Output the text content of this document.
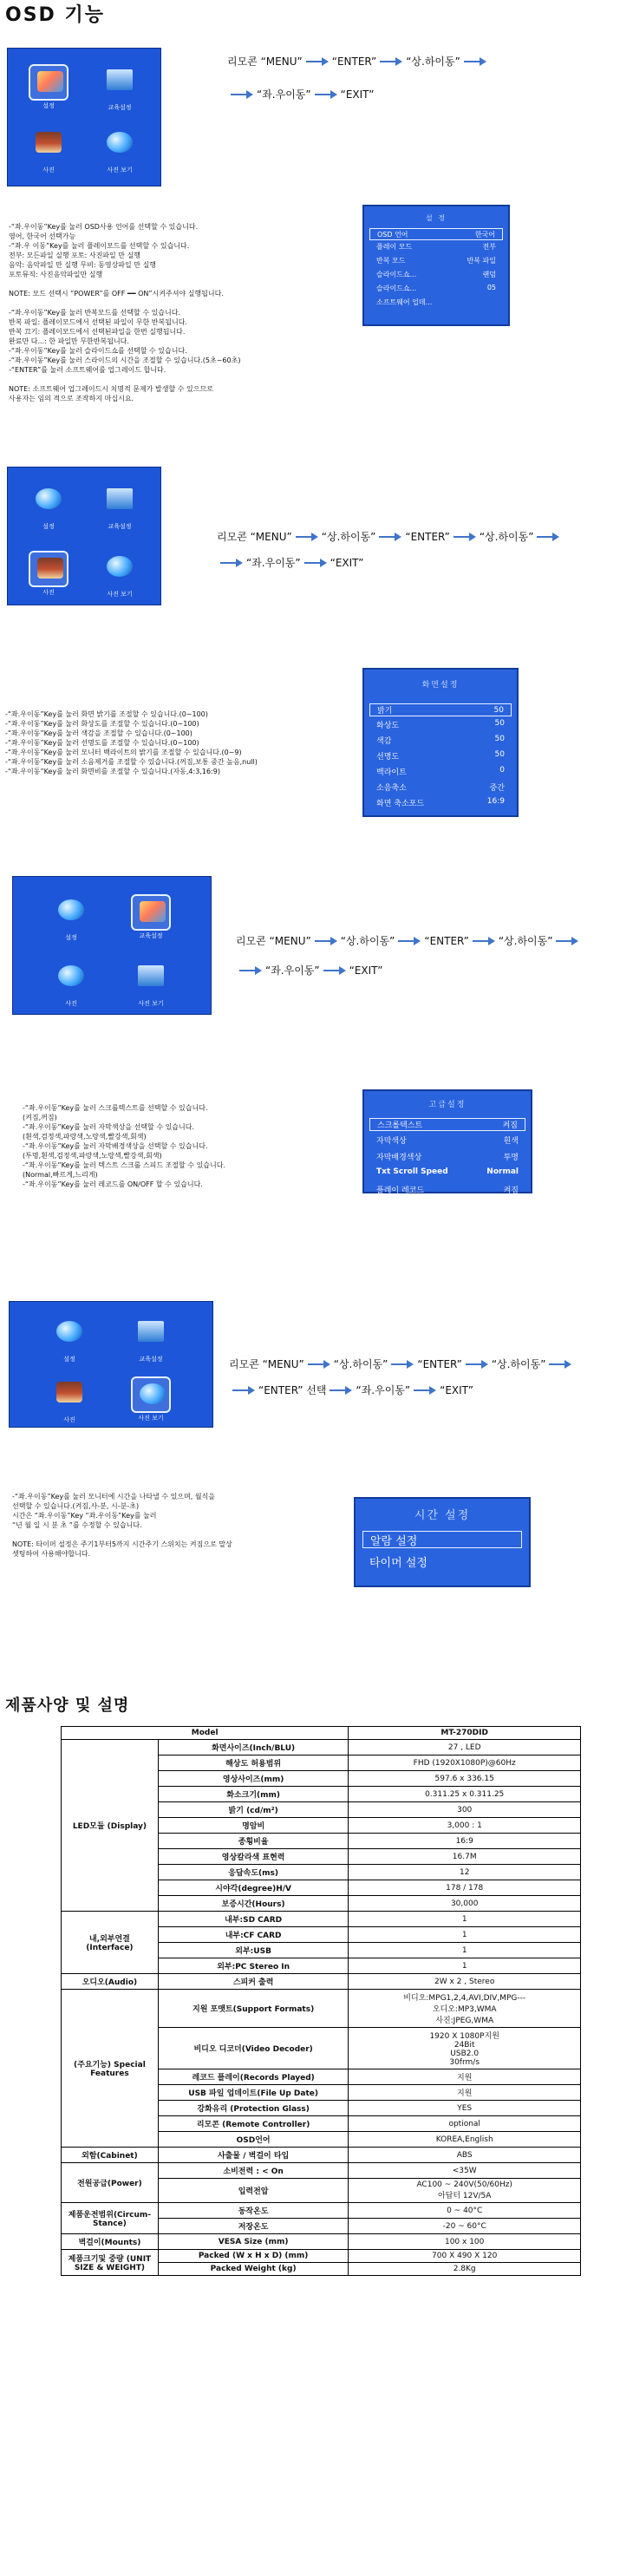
OSD 기능
설정	교육설정
사진	사진 보기
리모콘 “MENU”	“ENTER”	“상.하이동”
“좌.우이동”	“EXIT”
-“좌.우이동”Key를 눌러 OSD사용 언어를 선택할 수 있습니다.
영어, 한국어 선택가능
-“좌.우 이동”Key를 눌러 플레이모드를 선택할 수 있습니다.
전부: 모든파일 실행 포토: 사진파일 만 실행
음악: 음악파일 만 실행 무비: 동영상파일 만 실행
포토뮤직: 사진음악파일만 실행

NOTE: 모드 선택시 “POWER”를 OFF ━━ ON”시켜주셔야 실행됩니다.

-“좌.우이동”Key를 눌러 반복모드를 선택할 수 있습니다.
반복 파일: 플레이모드에서 선택된 파일이 무한 반복됩니다.
반복 끄기: 플레이모드에서 선택된파일을 한번 실행됩니다.
완료만 다...: 한 파일만 무한반복됩니다.
-“좌.우이동”Key를 눌러 슬라이드쇼를 선택할 수 있습니다.
-“좌.우이동”Key를 눌러 스라이드의 시간을 조절할 수 있습니다.(5초~60초)
-“ENTER”를 눌러 소프트웨어를 업그레이드 합니다.

NOTE: 소프트웨어 업그레이드시 치명적 문제가 발생할 수 있으므로
사용자는 임의 적으로 조작하지 마십시요.
설 정
OSD 언어	한국어
플레이 모드	전부
반복 모드	반복 파일
슬라이드쇼...	랜덤
슬라이드쇼...	05
소프트웨어 업데...
설정	교육설정
사진	사진 보기
리모콘 “MENU”	“상.하이동”	“ENTER”	“상.하이동”
“좌.우이동”	“EXIT”
-“좌.우이동”Key를 눌러 화면 밝기를 조절할 수 있습니다.(0~100)
-“좌.우이동”Key를 눌러 화상도를 조절할 수 있습니다.(0~100)
-“좌.우이동”Key를 눌러 색감을 조절할 수 있습니다.(0~100)
-“좌.우이동”Key를 눌러 선명도를 조절할 수 있습니다.(0~100)
-“좌.우이동”Key를 눌러 모니터 백라이트의 밝기를 조절할 수 있습니다.(0~9)
-“좌.우이동”Key를 눌러 소음제거를 조절할 수 있습니다.(꺼짐,보통 중간 높음,null)
-“좌.우이동”Key를 눌러 화면비를 조절할 수 있습니다.(자동,4:3,16:9)
화면설정
밝기	50
화상도	50
색감	50
선명도	50
백라이트	0
소음축소	중간
화면 축소포드	16:9
설정	교육설정
사진	사진 보기
리모콘 “MENU”	“상.하이동”	“ENTER”	“상.하이동”
“좌.우이동”	“EXIT”
-“좌.우이동”Key를 눌러 스크롤텍스트를 선택할 수 있습니다.
(켜짐,꺼짐)
-“좌.우이동”Key를 눌러 자막색상을 선택할 수 있습니다.
(흰색,검정색,파랑색,노랑색,빨강색,회색)
-“좌.우이동”Key를 눌러 자막배경색상을 선택할 수 있습니다.
(투명,흰색,검정색,파랑색,노랑색,빨강색,회색)
-“좌.우이동”Key를 눌러 텍스트 스크롤 스피드 조절할 수 있습니다.
(Normal,빠르게,느리게)
-“좌.우이동”Key를 눌러 레코드를 ON/OFF 할 수 있습니다.
고급설정
스크롤텍스트	켜짐
자막색상	흰색
자막배경색상	투명
Txt Scroll Speed	Normal
플레이 레코드	켜짐
설정	교육설정
사진	사진 보기
리모콘 “MENU”	“상.하이동”	“ENTER”	“상.하이동”
“ENTER” 선택	“좌.우이동”	“EXIT”
-“좌.우이동”Key를 눌러 모니터에 시간을 나타낼 수 있으며, 월식을
선택할 수 있습니다.(켜짐,사-분, 시-분-초)
시간은 “좌.우이동”Key “좌.우이동”Key를 눌러
“년 월 일 시 분 초 ”를 수정할 수 있습니다.

NOTE: 타이머 설정은 주기1부터5까지 시간주기 스위치는 켜짐으로 말상
셋팅하여 사용해야합니다.
시간 설정
알람 설정
타이머 설정
제품사양 및 설명
Model		MT-270DID
LED모듈 (Display)	화면사이즈(Inch/BLU)	27 , LED
	해상도 허용범위	FHD (1920X1080P)@60Hz
	영상사이즈(mm)	597.6 x 336.15
	화소크기(mm)	0.311.25 x 0.311.25
	밝기 (cd/m²)	300
	명암비	3,000 : 1
	종횡비율	16:9
	영상칼라색 표현력	16.7M
	응답속도(ms)	12
	시야각(degree)H/V	178 / 178
	보증시간(Hours)	30,000
내,외부연결 (Interface)	내부:SD CARD	1
	내부:CF CARD	1
	외부:USB	1
	외부:PC Stereo In	1
오디오(Audio)	스피커 출력	2W x 2 , Stereo
(주요기능) Special Features	지원 포맷트(Support Formats)	비디오:MPG1,2,4,AVI,DIV,MPG---
오디오:MP3,WMA
사진:JPEG,WMA
	비디오 디코더(Video Decoder)	1920 X 1080P지원
24Bit
USB2.0
30frm/s
	레코드 플레이(Records Played)	지원
	USB 파일 업데이트(File Up Date)	지원
	강화유리 (Protection Glass)	YES
	리모콘 (Remote Controller)	optional
	OSD언어	KOREA,English
외함(Cabinet)	사출물 / 벽걸이 타입	ABS
전원공급(Power)	소비전력 : < On	<35W
	입력전압	AC100 ~ 240V(50/60Hz)
아답터 12V/5A
제품운전범위(Circum-Stance)	동작온도	0 ~ 40°C
	저장온도	-20 ~ 60°C
벽걸이(Mounts)	VESA Size (mm)	100 x 100
제품크기및 중량 (UNIT SIZE & WEIGHT)	Packed (W x H x D) (mm)	700 X 490 X 120
	Packed Weight (kg)	2.8Kg
